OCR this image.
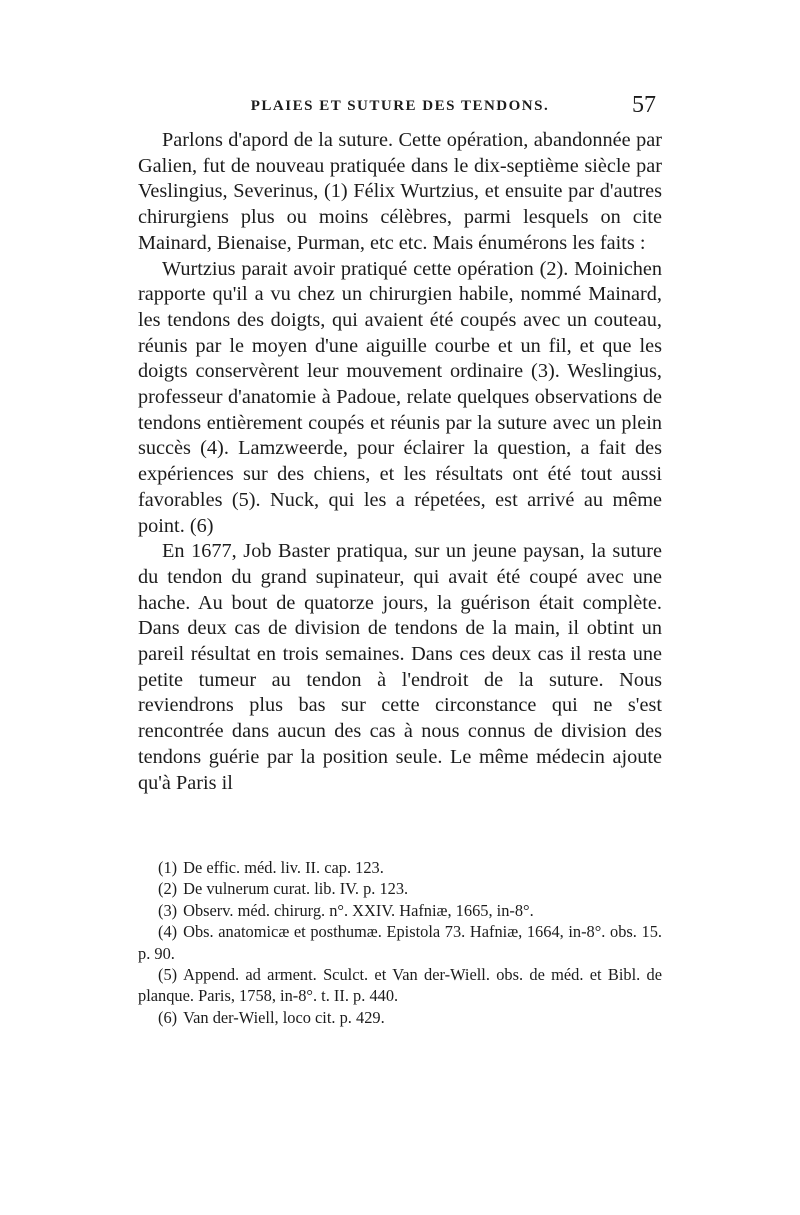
PLAIES ET SUTURE DES TENDONS.	57

Parlons d'apord de la suture. Cette opération, abandonnée par Galien, fut de nouveau pratiquée dans le dix-septième siècle par Veslingius, Severinus, (1) Félix Wurtzius, et ensuite par d'autres chirurgiens plus ou moins célèbres, parmi lesquels on cite Mainard, Bienaise, Purman, etc etc. Mais énumérons les faits :

Wurtzius parait avoir pratiqué cette opération (2). Moinichen rapporte qu'il a vu chez un chirurgien habile, nommé Mainard, les tendons des doigts, qui avaient été coupés avec un couteau, réunis par le moyen d'une aiguille courbe et un fil, et que les doigts conservèrent leur mouvement ordinaire (3). Weslingius, professeur d'anatomie à Padoue, relate quelques observations de tendons entièrement coupés et réunis par la suture avec un plein succès (4). Lamzweerde, pour éclairer la question, a fait des expériences sur des chiens, et les résultats ont été tout aussi favorables (5). Nuck, qui les a répetées, est arrivé au même point. (6)

En 1677, Job Baster pratiqua, sur un jeune paysan, la suture du tendon du grand supinateur, qui avait été coupé avec une hache. Au bout de quatorze jours, la guérison était complète. Dans deux cas de division de tendons de la main, il obtint un pareil résultat en trois semaines. Dans ces deux cas il resta une petite tumeur au tendon à l'endroit de la suture. Nous reviendrons plus bas sur cette circonstance qui ne s'est rencontrée dans aucun des cas à nous connus de division des tendons guérie par la position seule. Le même médecin ajoute qu'à Paris il

(1) De effic. méd. liv. II. cap. 123.

(2) De vulnerum curat. lib. IV. p. 123.

(3) Observ. méd. chirurg. n°. XXIV. Hafniæ, 1665, in-8°.

(4) Obs. anatomicæ et posthumæ. Epistola 73. Hafniæ, 1664, in-8°. obs. 15. p. 90.

(5) Append. ad arment. Sculct. et Van der-Wiell. obs. de méd. et Bibl. de planque. Paris, 1758, in-8°. t. II. p. 440.

(6) Van der-Wiell, loco cit. p. 429.
